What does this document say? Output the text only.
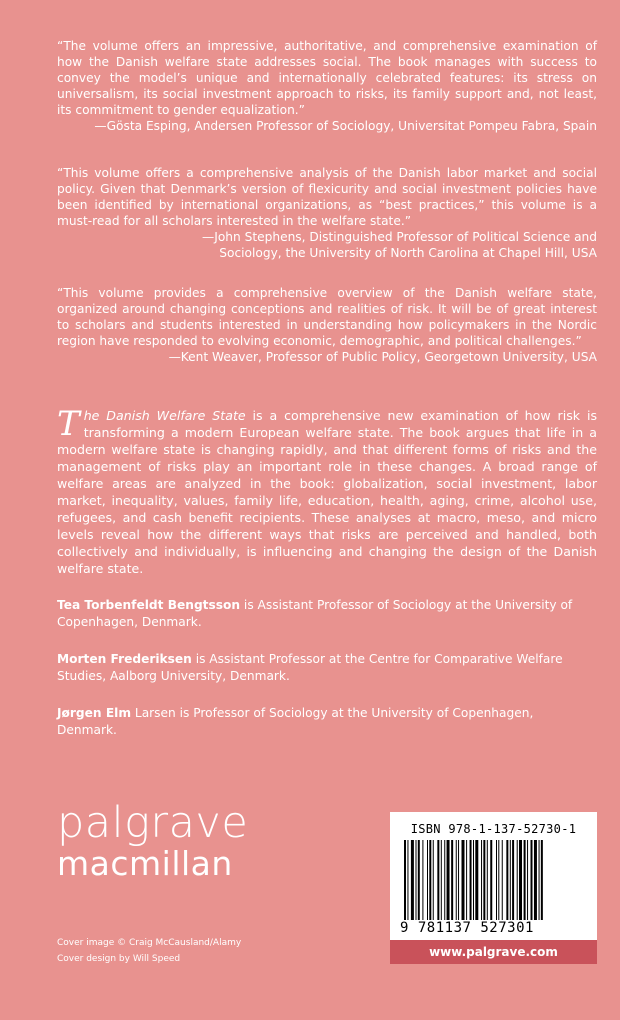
“The volume offers an impressive, authoritative, and comprehensive examination of how the Danish welfare state addresses social. The book manages with success to convey the model’s unique and internationally celebrated features: its stress on universalism, its social investment approach to risks, its family support and, not least, its commitment to gender equalization.”

—Gösta Esping, Andersen Professor of Sociology, Universitat Pompeu Fabra, Spain

“This volume offers a comprehensive analysis of the Danish labor market and social policy. Given that Denmark’s version of flexicurity and social investment policies have been identified by international organizations, as “best practices,” this volume is a must-read for all scholars interested in the welfare state.”

—John Stephens, Distinguished Professor of Political Science and

Sociology, the University of North Carolina at Chapel Hill, USA

“This volume provides a comprehensive overview of the Danish welfare state, organized around changing conceptions and realities of risk. It will be of great interest to scholars and students interested in understanding how policymakers in the Nordic region have responded to evolving economic, demographic, and political challenges.”

—Kent Weaver, Professor of Public Policy, Georgetown University, USA

The Danish Welfare State is a comprehensive new examination of how risk is transforming a modern European welfare state. The book argues that life in a modern welfare state is changing rapidly, and that different forms of risks and the management of risks play an important role in these changes. A broad range of welfare areas are analyzed in the book: globalization, social investment, labor market, inequality, values, family life, education, health, aging, crime, alcohol use, refugees, and cash benefit recipients. These analyses at macro, meso, and micro levels reveal how the different ways that risks are perceived and handled, both collectively and individually, is influencing and changing the design of the Danish welfare state.

Tea Torbenfeldt Bengtsson is Assistant Professor of Sociology at the University of Copenhagen, Denmark.

Morten Frederiksen is Assistant Professor at the Centre for Comparative Welfare Studies, Aalborg University, Denmark.

Jørgen Elm Larsen is Professor of Sociology at the University of Copenhagen, Denmark.

palgrave
macmillan
Cover image © Craig McCausland/Alamy
Cover design by Will Speed
ISBN 978-1-137-52730-1
9 781137 527301
www.palgrave.com
